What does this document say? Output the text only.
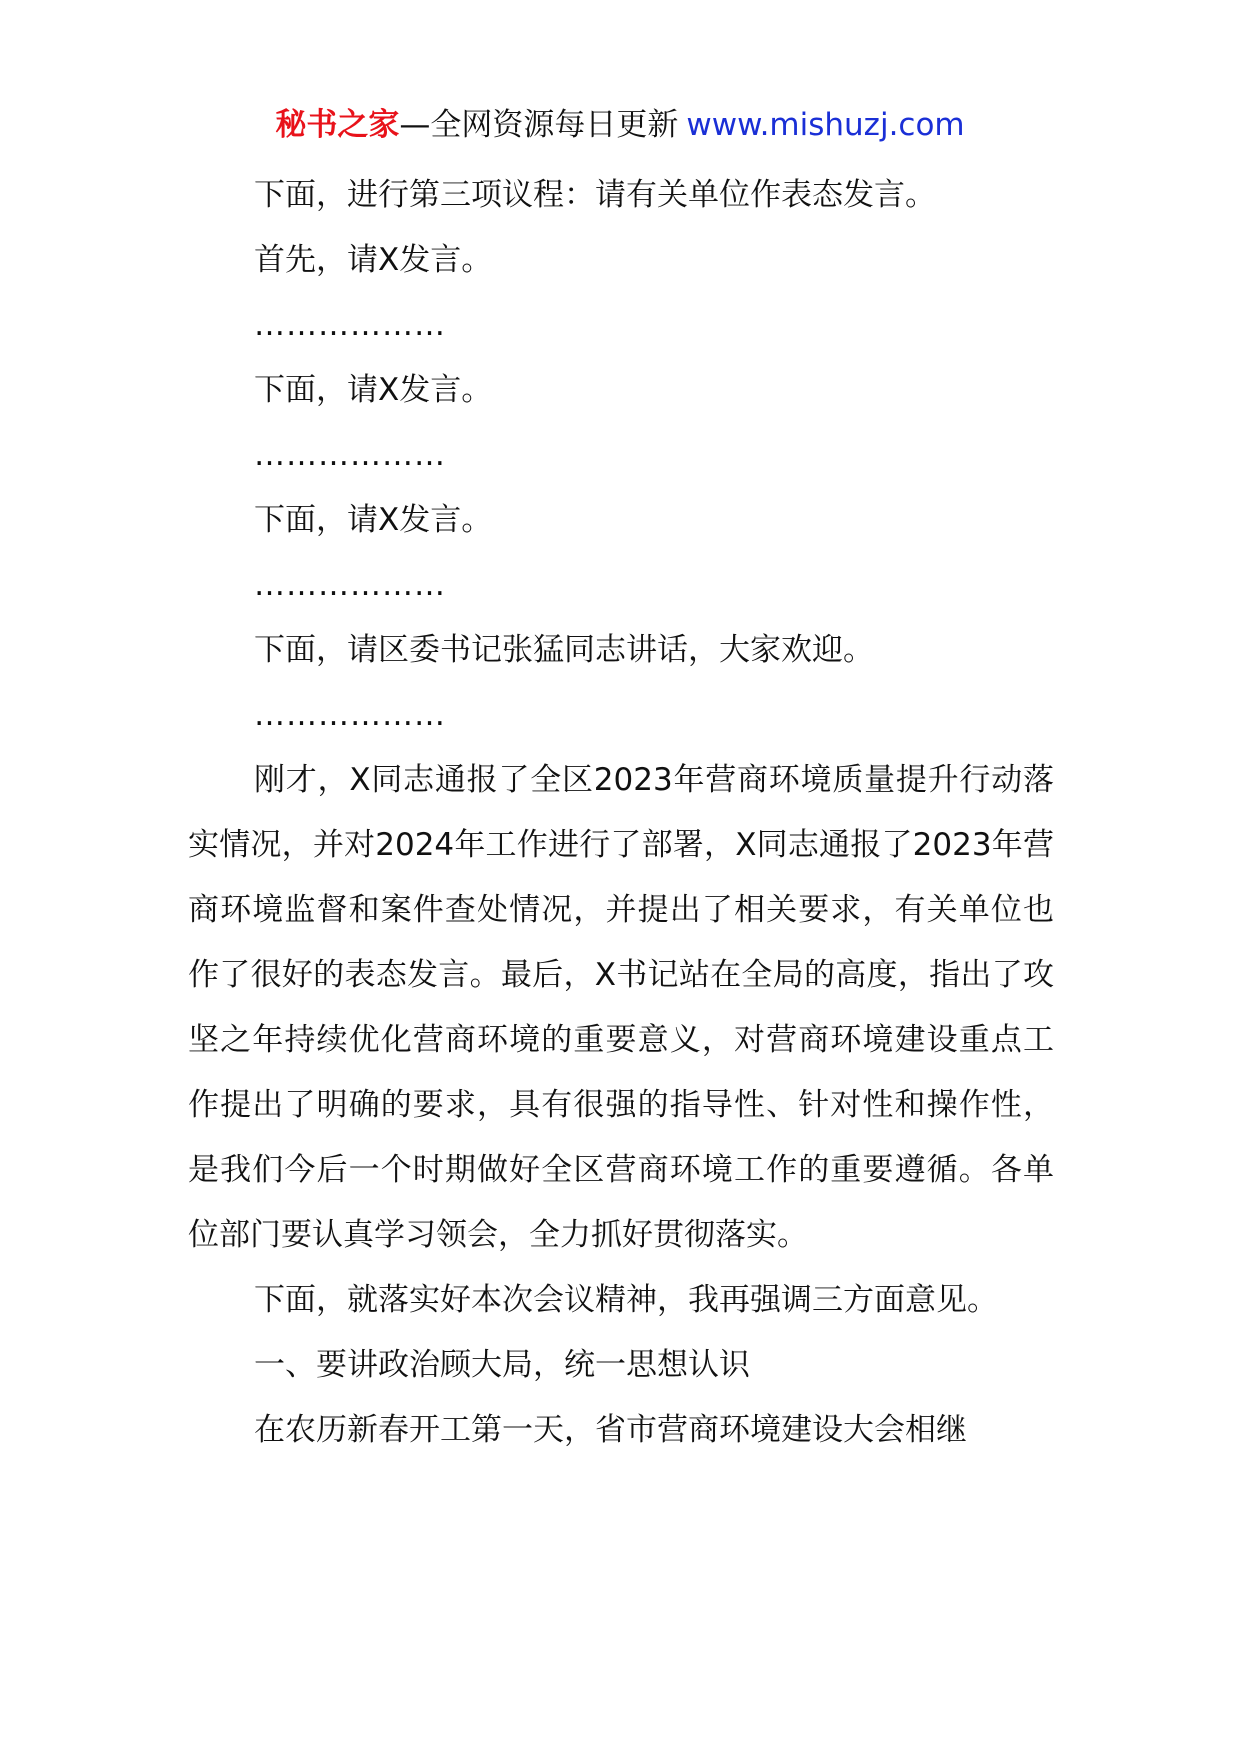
秘书之家—全网资源每日更新 www.mishuzj.com

下面，进行第三项议程：请有关单位作表态发言。

首先，请X发言。

………………

下面，请X发言。

………………

下面，请X发言。

………………

下面，请区委书记张猛同志讲话，大家欢迎。

………………

刚才，X同志通报了全区2023年营商环境质量提升行动落实情况，并对2024年工作进行了部署，X同志通报了2023年营商环境监督和案件查处情况，并提出了相关要求，有关单位也作了很好的表态发言。最后，X书记站在全局的高度，指出了攻坚之年持续优化营商环境的重要意义，对营商环境建设重点工作提出了明确的要求，具有很强的指导性、针对性和操作性，是我们今后一个时期做好全区营商环境工作的重要遵循。各单位部门要认真学习领会，全力抓好贯彻落实。

下面，就落实好本次会议精神，我再强调三方面意见。

一、要讲政治顾大局，统一思想认识

在农历新春开工第一天，省市营商环境建设大会相继
